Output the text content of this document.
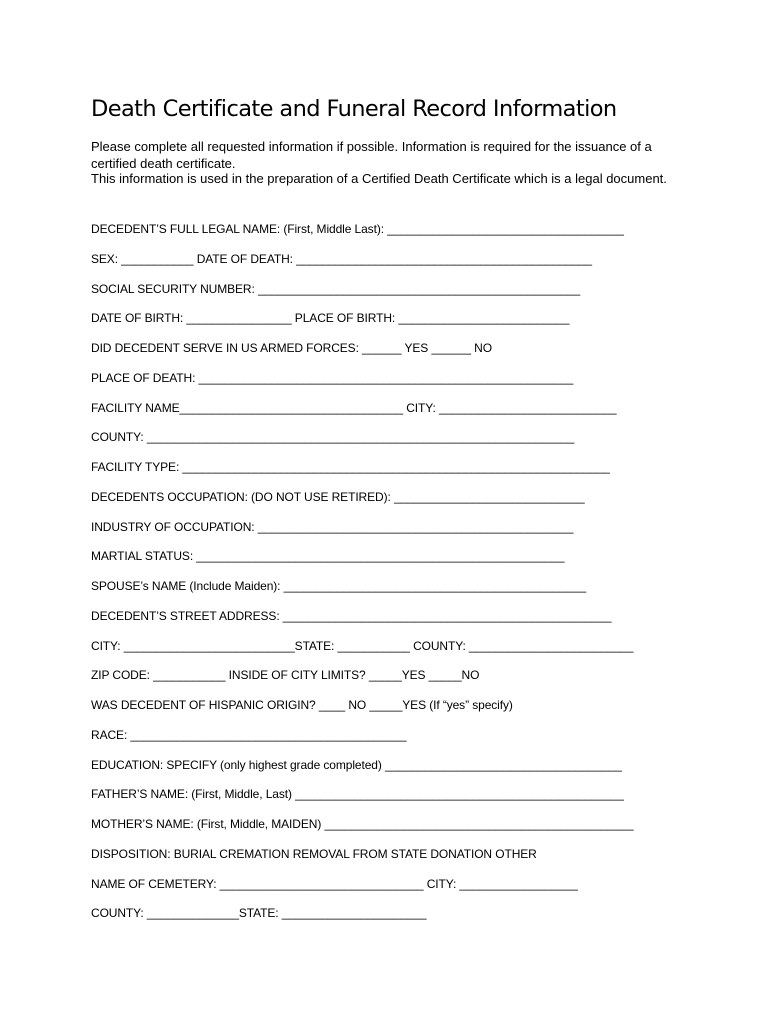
Death Certificate and Funeral Record Information

Please complete all requested information if possible. Information is required for the issuance of a certified death certificate.

This information is used in the preparation of a Certified Death Certificate which is a legal document.

DECEDENT’S FULL LEGAL NAME: (First, Middle Last): ____________________________________
SEX: ___________ DATE OF DEATH: _____________________________________________
SOCIAL SECURITY NUMBER: _________________________________________________
DATE OF BIRTH: ________________ PLACE OF BIRTH: __________________________
DID DECEDENT SERVE IN US ARMED FORCES: ______ YES ______ NO
PLACE OF DEATH: _________________________________________________________
FACILITY NAME__________________________________ CITY: ___________________________
COUNTY: _________________________________________________________________
FACILITY TYPE: _________________________________________________________________
DECEDENTS OCCUPATION: (DO NOT USE RETIRED): _____________________________
INDUSTRY OF OCCUPATION: ________________________________________________
MARTIAL STATUS: ________________________________________________________
SPOUSE’s NAME (Include Maiden): ______________________________________________
DECEDENT’S STREET ADDRESS: __________________________________________________
CITY: __________________________STATE: ___________ COUNTY: _________________________
ZIP CODE: ___________ INSIDE OF CITY LIMITS? _____YES _____NO
WAS DECEDENT OF HISPANIC ORIGIN? ____ NO _____YES (If “yes” specify)
RACE: __________________________________________
EDUCATION: SPECIFY (only highest grade completed) ____________________________________
FATHER’S NAME: (First, Middle, Last) __________________________________________________
MOTHER’S NAME: (First, Middle, MAIDEN) _______________________________________________
DISPOSITION: BURIAL CREMATION REMOVAL FROM STATE DONATION OTHER
NAME OF CEMETERY: _______________________________ CITY: __________________
COUNTY: ______________STATE: ______________________
